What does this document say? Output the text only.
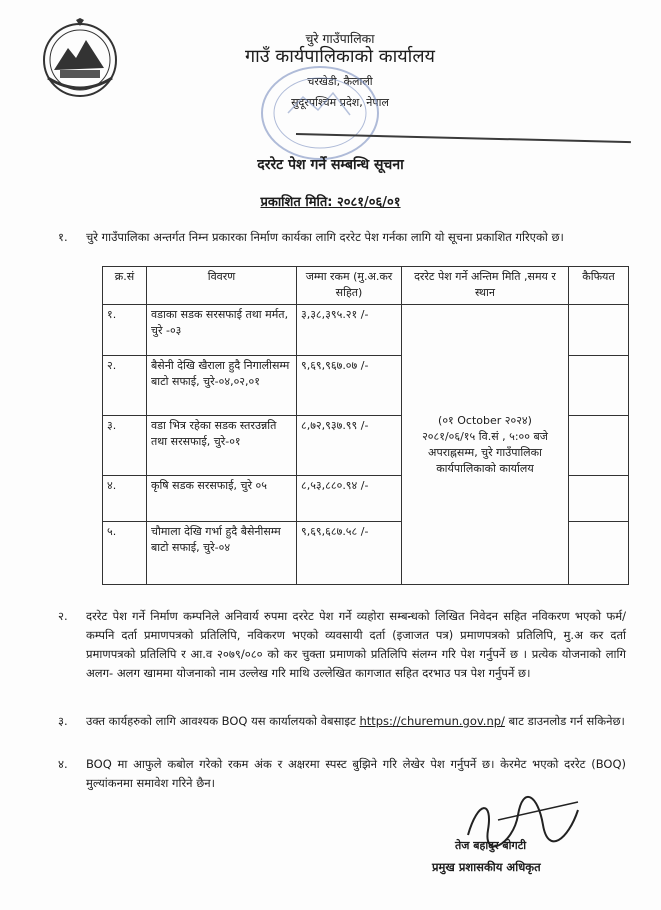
चुरे गाउँपालिका
गाउँ कार्यपालिकाको कार्यालय
चरखेडी, कैलाली
सुदूरपश्चिम प्रदेश, नेपाल
दररेट पेश गर्ने सम्बन्धि सूचना
प्रकाशित मिति: २०८१/०६/०१
१. चुरे गाउँपालिका अन्तर्गत निम्न प्रकारका निर्माण कार्यका लागि दररेट पेश गर्नका लागि यो सूचना प्रकाशित गरिएको छ।
क्र.सं	विवरण	जम्मा रकम (मु.अ.कर सहित)	दररेट पेश गर्ने अन्तिम मिति ,समय र स्थान	कैफियत
१.	वडाका सडक सरसफाई तथा मर्मत, चुरे -०३	३,३८,३९५.२१ /-	(०१ October २०२४) २०८१/०६/१५ वि.सं , ५:०० बजे अपराह्नसम्म, चुरे गाउँपालिका कार्यपालिकाको कार्यालय	
२.	बैसेनी देखि खैराला हुदै निगालीसम्म बाटो सफाई, चुरे-०४,०२,०१	९,६९,९६७.०७ /-		
३.	वडा भित्र रहेका सडक स्तरउन्नति तथा सरसफाई, चुरे-०१	८,७२,९३७.९९ /-		
४.	कृषि सडक सरसफाई, चुरे ०५	८,५३,८८०.९४ /-		
५.	चौमाला देखि गर्भा हुदै बैसेनीसम्म बाटो सफाई, चुरे-०४	९,६९,६८७.५८ /-		
२. दररेट पेश गर्ने निर्माण कम्पनिले अनिवार्य रुपमा दररेट पेश गर्ने व्यहोरा सम्बन्धको लिखित निवेदन सहित नविकरण भएको फर्म/ कम्पनि दर्ता प्रमाणपत्रको प्रतिलिपि, नविकरण भएको व्यवसायी दर्ता (इजाजत पत्र) प्रमाणपत्रको प्रतिलिपि, मु.अ कर दर्ता प्रमाणपत्रको प्रतिलिपि र आ.व २०७९/०८० को कर चुक्ता प्रमाणको प्रतिलिपि संलग्न गरि पेश गर्नुपर्ने छ । प्रत्येक योजनाको लागि अलग- अलग खाममा योजनाको नाम उल्लेख गरि माथि उल्लेखित कागजात सहित दरभाउ पत्र पेश गर्नुपर्ने छ।
३. उक्त कार्यहरुको लागि आवश्यक BOQ यस कार्यालयको वेबसाइट https://churemun.gov.np/ बाट डाउनलोड गर्न सकिनेछ।
४. BOQ मा आफुले कबोल गरेको रकम अंक र अक्षरमा स्पस्ट बुझिने गरि लेखेर पेश गर्नुपर्ने छ। केरमेट भएको दररेट (BOQ) मुल्यांकनमा समावेश गरिने छैन।
तेज बहादुर बोगटी
प्रमुख प्रशासकीय अधिकृत
